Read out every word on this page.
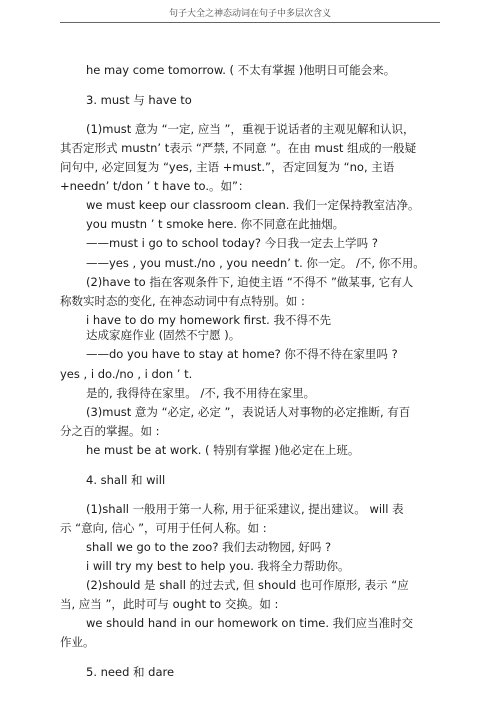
句子大全之神态动词在句子中多层次含义
he may come tomorrow. ( 不太有掌握 )他明日可能会来。
3. must 与 have to
(1)must 意为 “一定, 应当 ”，重视于说话者的主观见解和认识，
其否定形式 mustn’ t表示 “严禁, 不同意 ”。在由 must 组成的一般疑
问句中, 必定回复为 “yes, 主语 +must.”，否定回复为 “no, 主语
+needn’ t/don ’ t have to.。如”：
we must keep our classroom clean. 我们一定保持教室洁净。
you mustn ’ t smoke here. 你不同意在此抽烟。
——must i go to school today? 今日我一定去上学吗 ?
——yes , you must./no , you needn’ t. 你一定。 /不, 你不用。
(2)have to 指在客观条件下, 迫使主语 “不得不 ”做某事, 它有人
称数实时态的变化, 在神态动词中有点特别。如 :
i have to do my homework first. 我不得不先
达成家庭作业 (固然不宁愿 )。
——do you have to stay at home? 你不得不待在家里吗 ?
yes , i do./no , i don ’ t.
是的, 我得待在家里。 /不, 我不用待在家里。
(3)must 意为 “必定, 必定 ”，表说话人对事物的必定推断, 有百
分之百的掌握。如 :
he must be at work. ( 特别有掌握 )他必定在上班。
4. shall 和 will
(1)shall 一般用于第一人称, 用于征采建议, 提出建议。 will 表
示 “意向, 信心 ”，可用于任何人称。如 :
shall we go to the zoo? 我们去动物园, 好吗 ?
i will try my best to help you. 我将全力帮助你。
(2)should 是 shall 的过去式, 但 should 也可作原形, 表示 “应
当, 应当 ”，此时可与 ought to 交换。如 :
we should hand in our homework on time. 我们应当准时交
作业。
5. need 和 dare
